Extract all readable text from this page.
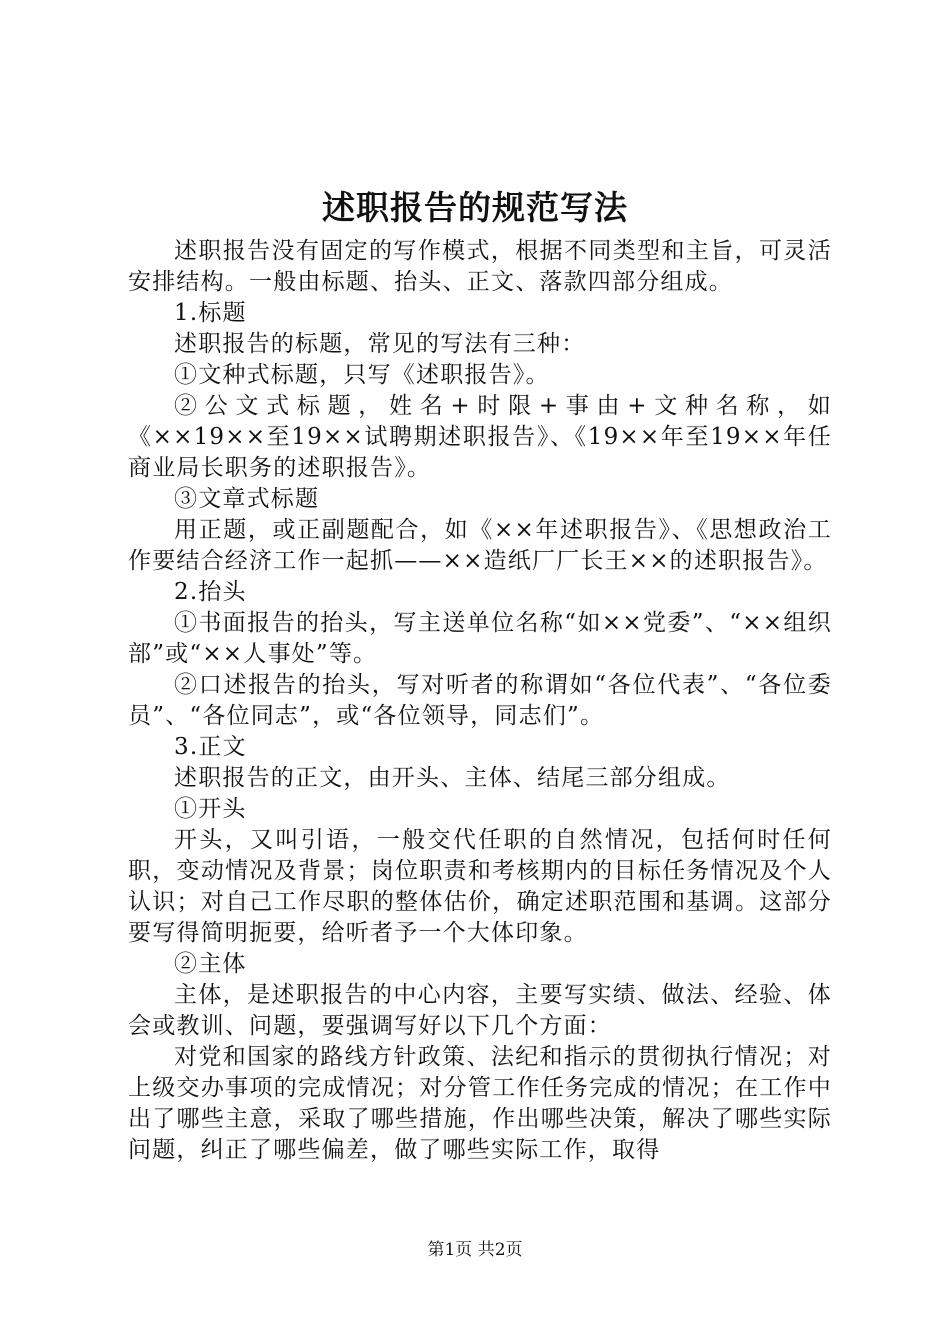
述职报告的规范写法

述职报告没有固定的写作模式，根据不同类型和主旨，可灵活安排结构。一般由标题、抬头、正文、落款四部分组成。

1.标题

述职报告的标题，常见的写法有三种：

①文种式标题，只写《述职报告》。

②公文式标题，姓名+时限+事由+文种名称，如《××19××至19××试聘期述职报告》、《19××年至19××年任商业局长职务的述职报告》。

③文章式标题

用正题，或正副题配合，如《××年述职报告》、《思想政治工作要结合经济工作一起抓——××造纸厂厂长王××的述职报告》。

2.抬头

①书面报告的抬头，写主送单位名称“如××党委”、“××组织部”或“××人事处”等。

②口述报告的抬头，写对听者的称谓如“各位代表”、“各位委员”、“各位同志”，或“各位领导，同志们”。

3.正文

述职报告的正文，由开头、主体、结尾三部分组成。

①开头

开头，又叫引语，一般交代任职的自然情况，包括何时任何职，变动情况及背景；岗位职责和考核期内的目标任务情况及个人认识；对自己工作尽职的整体估价，确定述职范围和基调。这部分要写得简明扼要，给听者予一个大体印象。

②主体

主体，是述职报告的中心内容，主要写实绩、做法、经验、体会或教训、问题，要强调写好以下几个方面：

对党和国家的路线方针政策、法纪和指示的贯彻执行情况；对上级交办事项的完成情况；对分管工作任务完成的情况；在工作中出了哪些主意，采取了哪些措施，作出哪些决策，解决了哪些实际问题，纠正了哪些偏差，做了哪些实际工作，取得

第1页 共2页
